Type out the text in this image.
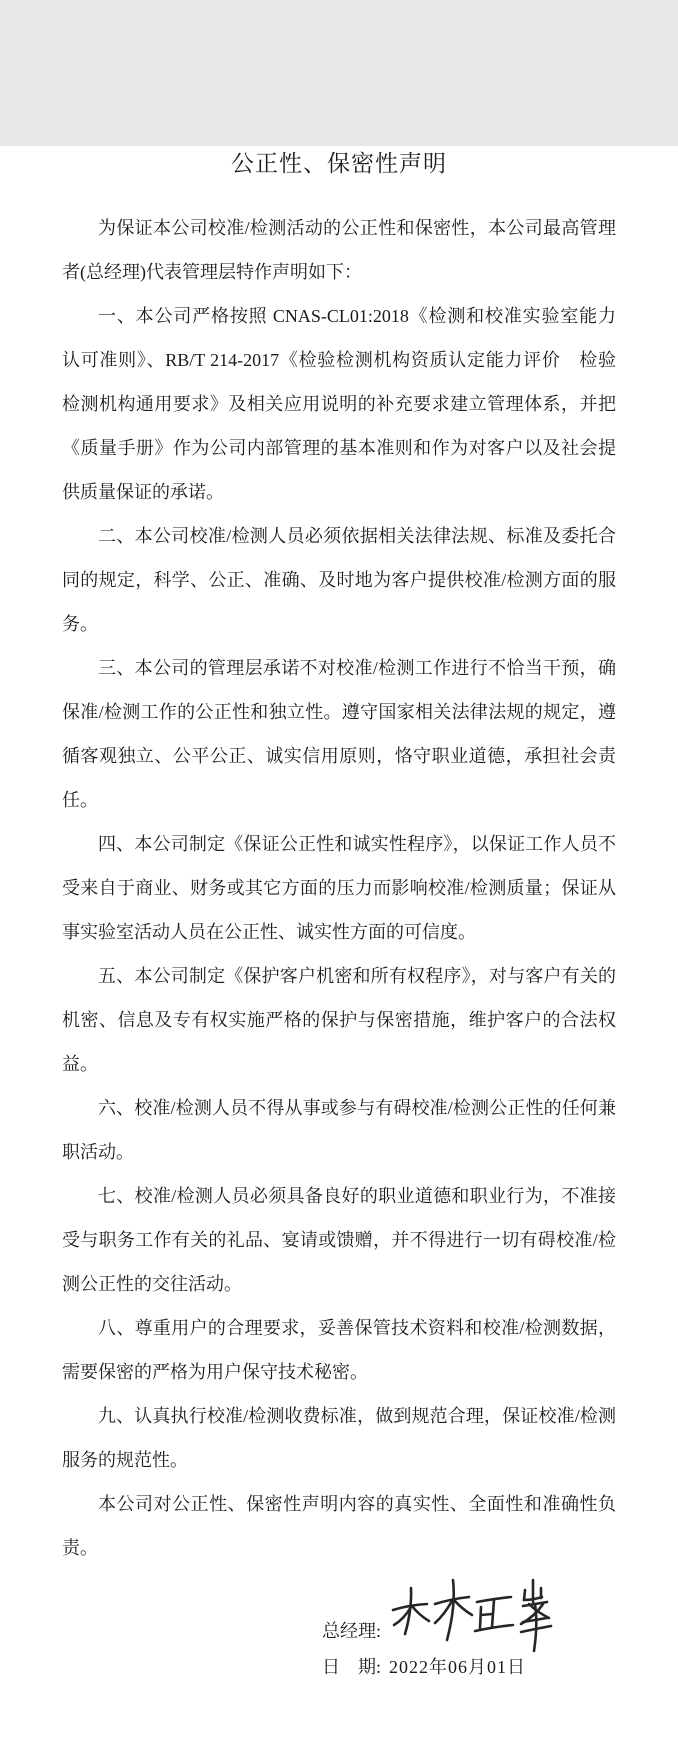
公正性、保密性声明

为保证本公司校准/检测活动的公正性和保密性，本公司最高管理者(总经理)代表管理层特作声明如下：

一、本公司严格按照 CNAS-CL01:2018《检测和校准实验室能力认可准则》、RB/T 214-2017《检验检测机构资质认定能力评价　检验检测机构通用要求》及相关应用说明的补充要求建立管理体系，并把《质量手册》作为公司内部管理的基本准则和作为对客户以及社会提供质量保证的承诺。

二、本公司校准/检测人员必须依据相关法律法规、标准及委托合同的规定，科学、公正、准确、及时地为客户提供校准/检测方面的服务。

三、本公司的管理层承诺不对校准/检测工作进行不恰当干预，确保准/检测工作的公正性和独立性。遵守国家相关法律法规的规定，遵循客观独立、公平公正、诚实信用原则，恪守职业道德，承担社会责任。

四、本公司制定《保证公正性和诚实性程序》，以保证工作人员不受来自于商业、财务或其它方面的压力而影响校准/检测质量；保证从事实验室活动人员在公正性、诚实性方面的可信度。

五、本公司制定《保护客户机密和所有权程序》，对与客户有关的机密、信息及专有权实施严格的保护与保密措施，维护客户的合法权益。

六、校准/检测人员不得从事或参与有碍校准/检测公正性的任何兼职活动。

七、校准/检测人员必须具备良好的职业道德和职业行为，不准接受与职务工作有关的礼品、宴请或馈赠，并不得进行一切有碍校准/检测公正性的交往活动。

八、尊重用户的合理要求，妥善保管技术资料和校准/检测数据，需要保密的严格为用户保守技术秘密。

九、认真执行校准/检测收费标准，做到规范合理，保证校准/检测服务的规范性。

本公司对公正性、保密性声明内容的真实性、全面性和准确性负责。

总经理:
日　期: 2022年06月01日
